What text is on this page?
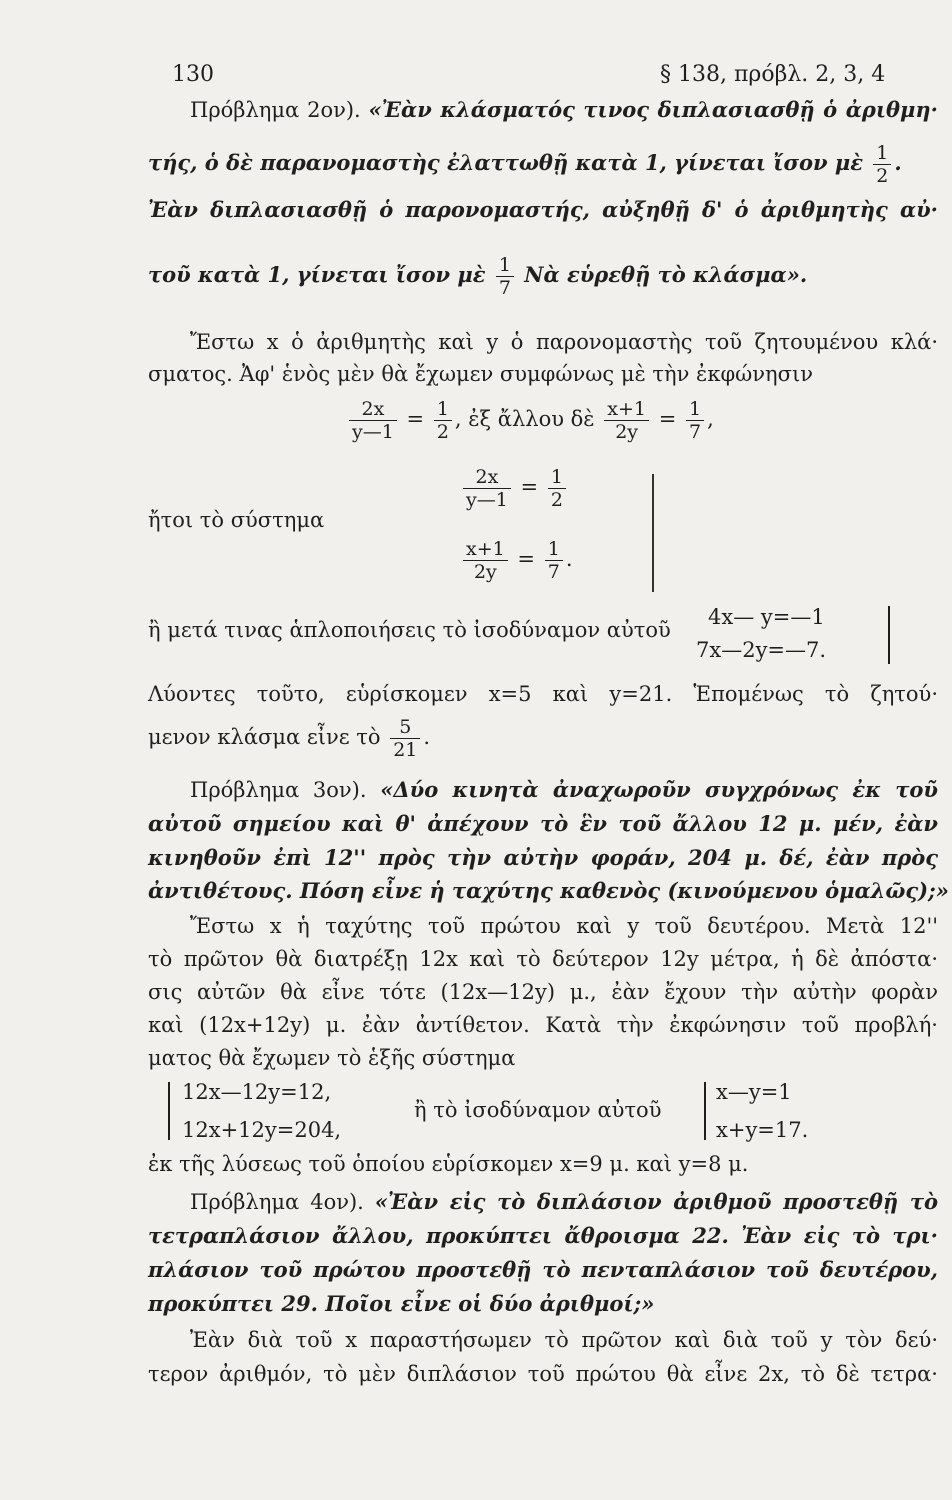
130	§ 138, πρόβλ. 2, 3, 4
Πρόβλημα 2ον). «Ἐὰν κλάσματός τινος διπλασιασθῇ ὁ ἀριθμη·
τής, ὁ δὲ παρανομαστὴς ἐλαττωθῇ κατὰ 1, γίνεται ἴσον μὲ $\frac{1}{2}$ .
Ἐὰν διπλασιασθῇ ὁ παρονομαστής, αὐξηθῇ δ' ὁ ἀριθμητὴς αὐ·
τοῦ κατὰ 1, γίνεται ἴσον μὲ $\frac{1}{7}$ Νὰ εὑρεθῇ τὸ κλάσμα».
Ἔστω x ὁ ἀριθμητὴς καὶ y ὁ παρονομαστὴς τοῦ ζητουμένου κλά·
σματος. Ἀφ' ἑνὸς μὲν θὰ ἔχωμεν συμφώνως μὲ τὴν ἐκφώνησιν
$\frac{2x}{y—1} = \frac{1}{2}$ , ἐξ ἄλλου δὲ $\frac{x+1}{2y} = \frac{1}{7}$ ,
ἤτοι τὸ σύστημα
$\frac{2x}{y—1} = \frac{1}{2}$
$\frac{x+1}{2y} = \frac{1}{7}$ .
ἢ μετά τινας ἁπλοποιήσεις τὸ ἰσοδύναμον αὐτοῦ
4x— y=—1
7x—2y=—7.
Λύοντες τοῦτο, εὑρίσκομεν x=5 καὶ y=21. Ἑπομένως τὸ ζητού·
μενον κλάσμα εἶνε τὸ $\frac{5}{21}$ .
Πρόβλημα 3ον). «Δύο κινητὰ ἀναχωροῦν συγχρόνως ἐκ τοῦ
αὐτοῦ σημείου καὶ θ' ἀπέχουν τὸ ἓν τοῦ ἄλλου 12 μ. μέν, ἐὰν
κινηθοῦν ἐπὶ 12'' πρὸς τὴν αὐτὴν φοράν, 204 μ. δέ, ἐὰν πρὸς
ἀντιθέτους. Πόση εἶνε ἡ ταχύτης καθενὸς (κινούμενου ὁμαλῶς);»
Ἔστω x ἡ ταχύτης τοῦ πρώτου καὶ y τοῦ δευτέρου. Μετὰ 12''
τὸ πρῶτον θὰ διατρέξῃ 12x καὶ τὸ δεύτερον 12y μέτρα, ἡ δὲ ἀπόστα·
σις αὐτῶν θὰ εἶνε τότε (12x—12y) μ., ἐὰν ἔχουν τὴν αὐτὴν φορὰν
καὶ (12x+12y) μ. ἐὰν ἀντίθετον. Κατὰ τὴν ἐκφώνησιν τοῦ προβλή·
ματος θὰ ἔχωμεν τὸ ἑξῆς σύστημα
12x—12y=12,
12x+12y=204,
ἢ τὸ ἰσοδύναμον αὐτοῦ
x—y=1
x+y=17.
ἐκ τῆς λύσεως τοῦ ὁποίου εὑρίσκομεν x=9 μ. καὶ y=8 μ.
Πρόβλημα 4ον). «Ἐὰν εἰς τὸ διπλάσιον ἀριθμοῦ προστεθῇ τὸ
τετραπλάσιον ἄλλου, προκύπτει ἄθροισμα 22. Ἐὰν εἰς τὸ τρι·
πλάσιον τοῦ πρώτου προστεθῇ τὸ πενταπλάσιον τοῦ δευτέρου,
προκύπτει 29. Ποῖοι εἶνε οἱ δύο ἀριθμοί;»
Ἐὰν διὰ τοῦ x παραστήσωμεν τὸ πρῶτον καὶ διὰ τοῦ y τὸν δεύ·
τερον ἀριθμόν, τὸ μὲν διπλάσιον τοῦ πρώτου θὰ εἶνε 2x, τὸ δὲ τετρα·
